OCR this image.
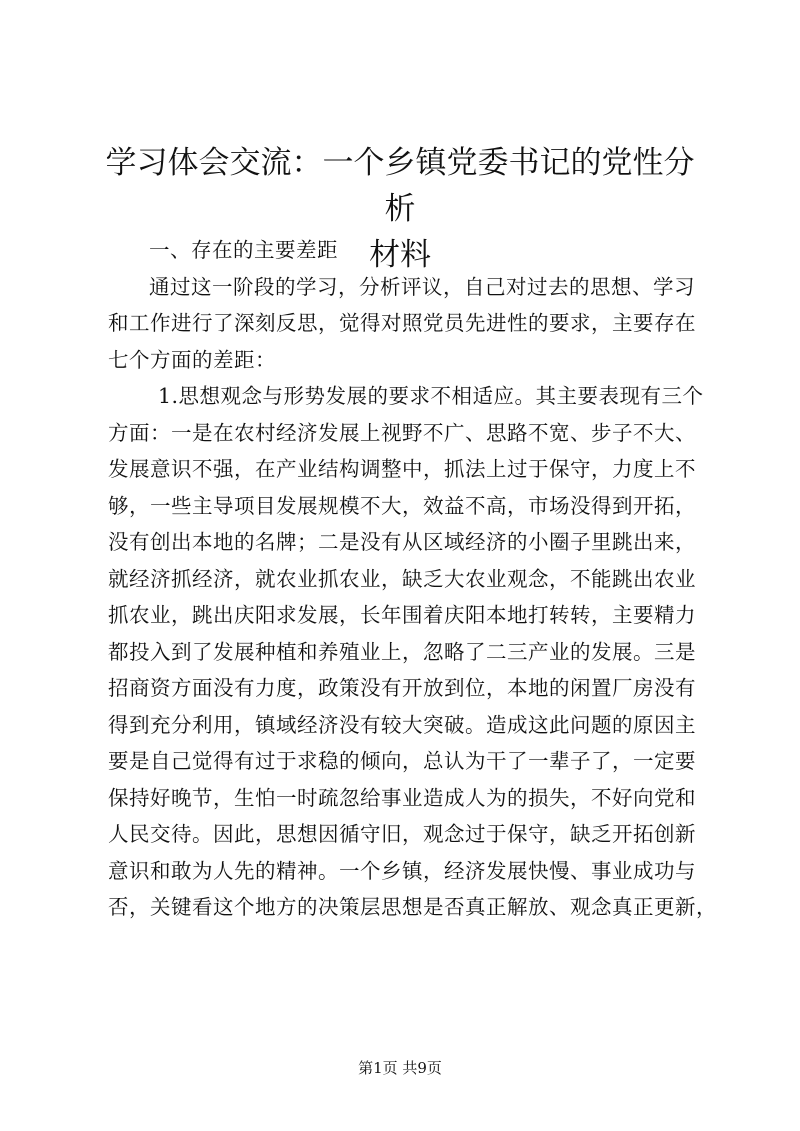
学习体会交流：一个乡镇党委书记的党性分析
材料
一、存在的主要差距
通过这一阶段的学习，分析评议，自己对过去的思想、学习
和工作进行了深刻反思，觉得对照党员先进性的要求，主要存在
七个方面的差距：
1.思想观念与形势发展的要求不相适应。其主要表现有三个
方面：一是在农村经济发展上视野不广、思路不宽、步子不大、
发展意识不强，在产业结构调整中，抓法上过于保守，力度上不
够，一些主导项目发展规模不大，效益不高，市场没得到开拓，
没有创出本地的名牌；二是没有从区域经济的小圈子里跳出来，
就经济抓经济，就农业抓农业，缺乏大农业观念，不能跳出农业
抓农业，跳出庆阳求发展，长年围着庆阳本地打转转，主要精力
都投入到了发展种植和养殖业上，忽略了二三产业的发展。三是
招商资方面没有力度，政策没有开放到位，本地的闲置厂房没有
得到充分利用，镇域经济没有较大突破。造成这此问题的原因主
要是自己觉得有过于求稳的倾向，总认为干了一辈子了，一定要
保持好晚节，生怕一时疏忽给事业造成人为的损失，不好向党和
人民交待。因此，思想因循守旧，观念过于保守，缺乏开拓创新
意识和敢为人先的精神。一个乡镇，经济发展快慢、事业成功与
否，关键看这个地方的决策层思想是否真正解放、观念真正更新，
第1页 共9页
